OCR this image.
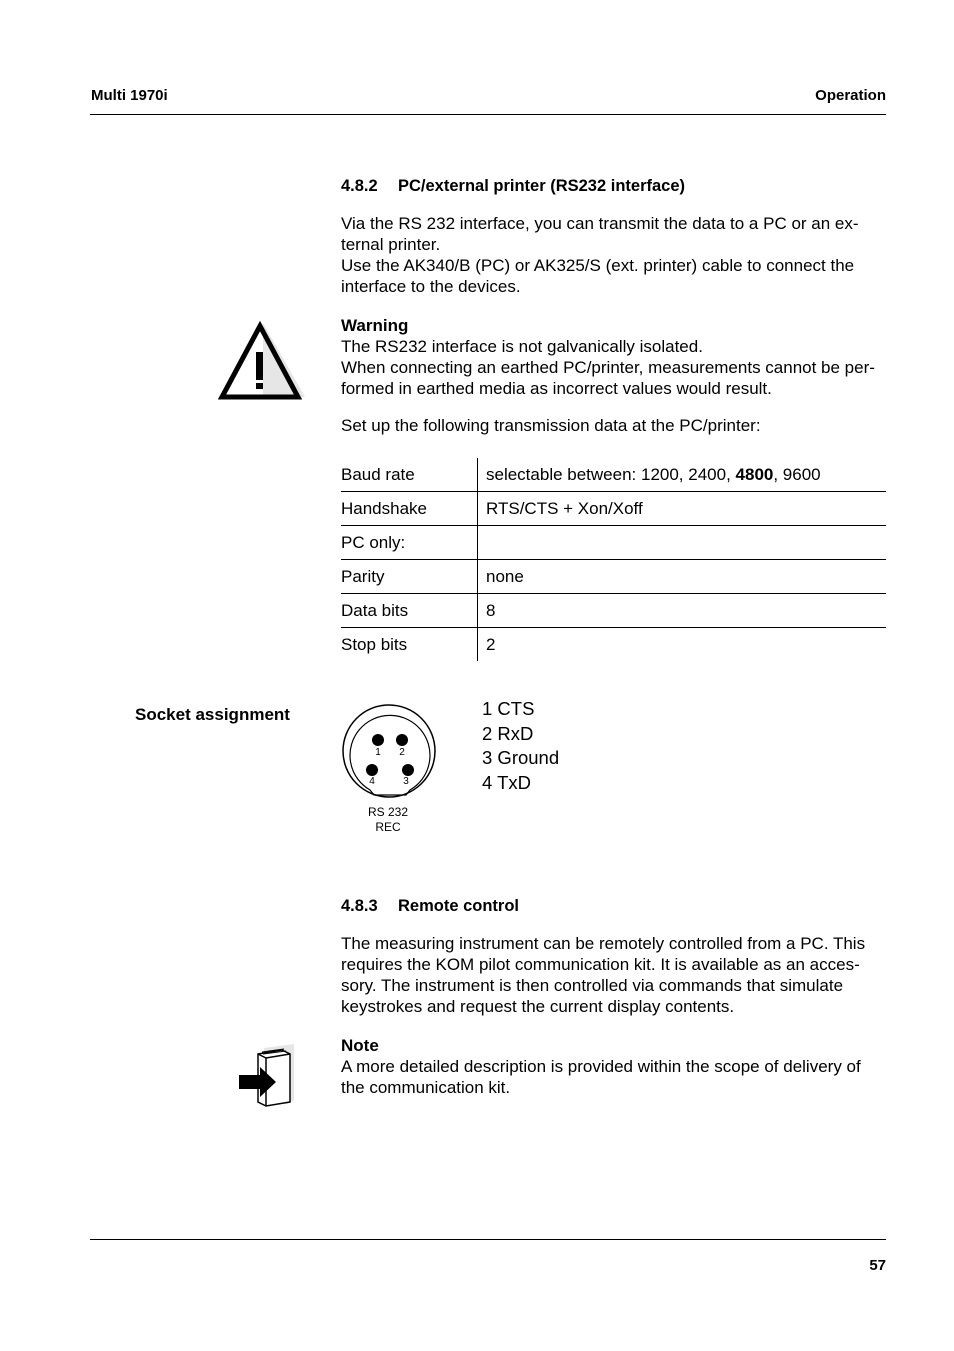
Multi 1970i	Operation
4.8.2 PC/external printer (RS232 interface)
Via the RS 232 interface, you can transmit the data to a PC or an ex-
ternal printer.
Use the AK340/B (PC) or AK325/S (ext. printer) cable to connect the
interface to the devices.
Warning
The RS232 interface is not galvanically isolated.
When connecting an earthed PC/printer, measurements cannot be per-
formed in earthed media as incorrect values would result.
Set up the following transmission data at the PC/printer:
Baud rate	selectable between: 1200, 2400, 4800, 9600
Handshake	RTS/CTS + Xon/Xoff
PC only:	
Parity	none
Data bits	8
Stop bits	2
Socket assignment
1 2
3
4
RS 232
REC
1 CTS
2 RxD
3 Ground
4 TxD
4.8.3 Remote control
The measuring instrument can be remotely controlled from a PC. This
requires the KOM pilot communication kit. It is available as an acces-
sory. The instrument is then controlled via commands that simulate
keystrokes and request the current display contents.
Note
A more detailed description is provided within the scope of delivery of
the communication kit.
57
